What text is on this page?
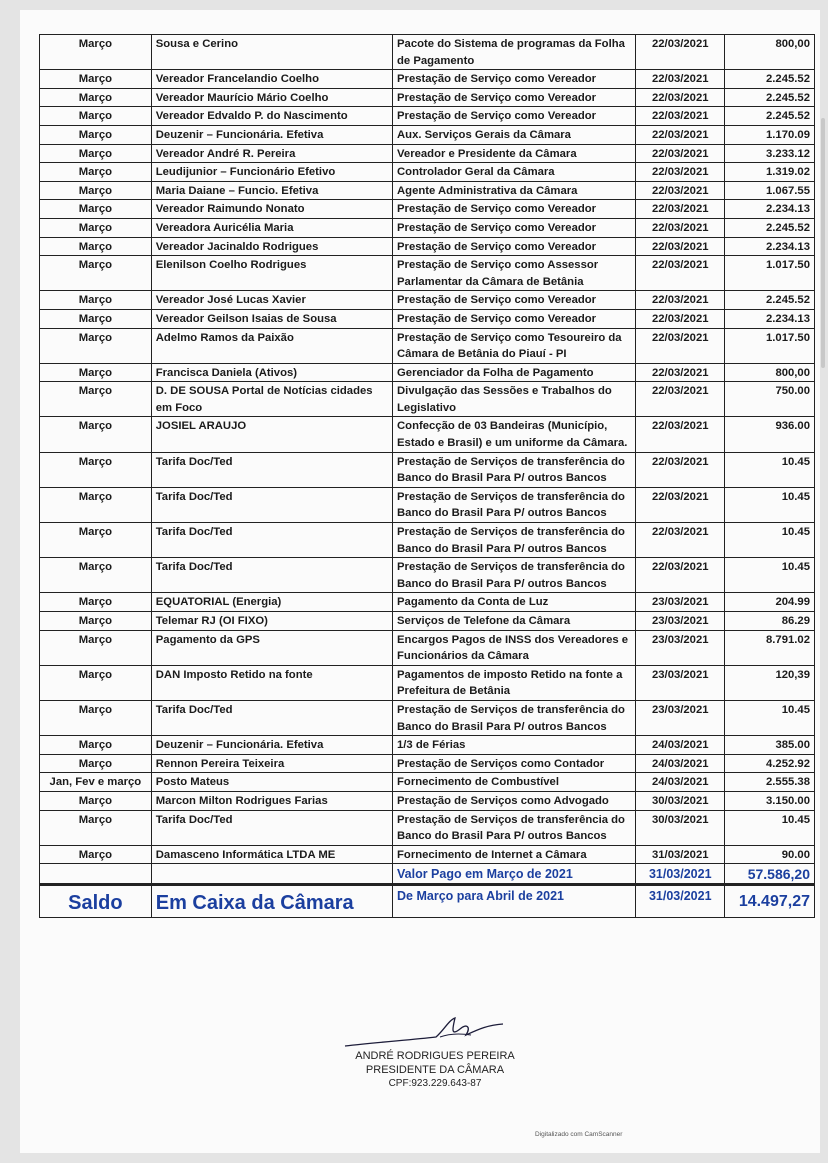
Março	Sousa e Cerino	Pacote do Sistema de programas da Folha de Pagamento	22/03/2021	800,00
Março	Vereador Francelandio Coelho	Prestação de Serviço como Vereador	22/03/2021	2.245.52
Março	Vereador Maurício Mário Coelho	Prestação de Serviço como Vereador	22/03/2021	2.245.52
Março	Vereador Edvaldo P. do Nascimento	Prestação de Serviço como Vereador	22/03/2021	2.245.52
Março	Deuzenir – Funcionária. Efetiva	Aux. Serviços Gerais da Câmara	22/03/2021	1.170.09
Março	Vereador André R. Pereira	Vereador e Presidente da Câmara	22/03/2021	3.233.12
Março	Leudijunior – Funcionário Efetivo	Controlador Geral da Câmara	22/03/2021	1.319.02
Março	Maria Daiane – Funcio. Efetiva	Agente Administrativa da Câmara	22/03/2021	1.067.55
Março	Vereador Raimundo Nonato	Prestação de Serviço como Vereador	22/03/2021	2.234.13
Março	Vereadora Auricélia Maria	Prestação de Serviço como Vereador	22/03/2021	2.245.52
Março	Vereador Jacinaldo Rodrigues	Prestação de Serviço como Vereador	22/03/2021	2.234.13
Março	Elenilson Coelho Rodrigues	Prestação de Serviço como Assessor Parlamentar da Câmara de Betânia	22/03/2021	1.017.50
Março	Vereador José Lucas Xavier	Prestação de Serviço como Vereador	22/03/2021	2.245.52
Março	Vereador Geilson Isaias de Sousa	Prestação de Serviço como Vereador	22/03/2021	2.234.13
Março	Adelmo Ramos da Paixão	Prestação de Serviço como Tesoureiro da Câmara de Betânia do Piauí - PI	22/03/2021	1.017.50
Março	Francisca Daniela (Ativos)	Gerenciador da Folha de Pagamento	22/03/2021	800,00
Março	D. DE SOUSA Portal de Notícias cidades em Foco	Divulgação das Sessões e Trabalhos do Legislativo	22/03/2021	750.00
Março	JOSIEL ARAUJO	Confecção de 03 Bandeiras (Município, Estado e Brasil) e um uniforme da Câmara.	22/03/2021	936.00
Março	Tarifa Doc/Ted	Prestação de Serviços de transferência do Banco do Brasil Para P/ outros Bancos	22/03/2021	10.45
Março	Tarifa Doc/Ted	Prestação de Serviços de transferência do Banco do Brasil Para P/ outros Bancos	22/03/2021	10.45
Março	Tarifa Doc/Ted	Prestação de Serviços de transferência do Banco do Brasil Para P/ outros Bancos	22/03/2021	10.45
Março	Tarifa Doc/Ted	Prestação de Serviços de transferência do Banco do Brasil Para P/ outros Bancos	22/03/2021	10.45
Março	EQUATORIAL (Energia)	Pagamento da Conta de Luz	23/03/2021	204.99
Março	Telemar RJ (OI FIXO)	Serviços de Telefone da Câmara	23/03/2021	86.29
Março	Pagamento da GPS	Encargos Pagos de INSS dos Vereadores e Funcionários da Câmara	23/03/2021	8.791.02
Março	DAN Imposto Retido na fonte	Pagamentos de imposto Retido na fonte a Prefeitura de Betânia	23/03/2021	120,39
Março	Tarifa Doc/Ted	Prestação de Serviços de transferência do Banco do Brasil Para P/ outros Bancos	23/03/2021	10.45
Março	Deuzenir – Funcionária. Efetiva	1/3 de Férias	24/03/2021	385.00
Março	Rennon Pereira Teixeira	Prestação de Serviços como Contador	24/03/2021	4.252.92
Jan, Fev e março	Posto Mateus	Fornecimento de Combustível	24/03/2021	2.555.38
Março	Marcon Milton Rodrigues Farias	Prestação de Serviços como Advogado	30/03/2021	3.150.00
Março	Tarifa Doc/Ted	Prestação de Serviços de transferência do Banco do Brasil Para P/ outros Bancos	30/03/2021	10.45
Março	Damasceno Informática LTDA ME	Fornecimento de Internet a Câmara	31/03/2021	90.00
		Valor Pago em Março de 2021	31/03/2021	57.586,20
Saldo	Em Caixa da Câmara	De Março para Abril de 2021	31/03/2021	14.497,27
ANDRÉ RODRIGUES PEREIRA
PRESIDENTE DA CÂMARA
CPF:923.229.643-87
Digitalizado com CamScanner
